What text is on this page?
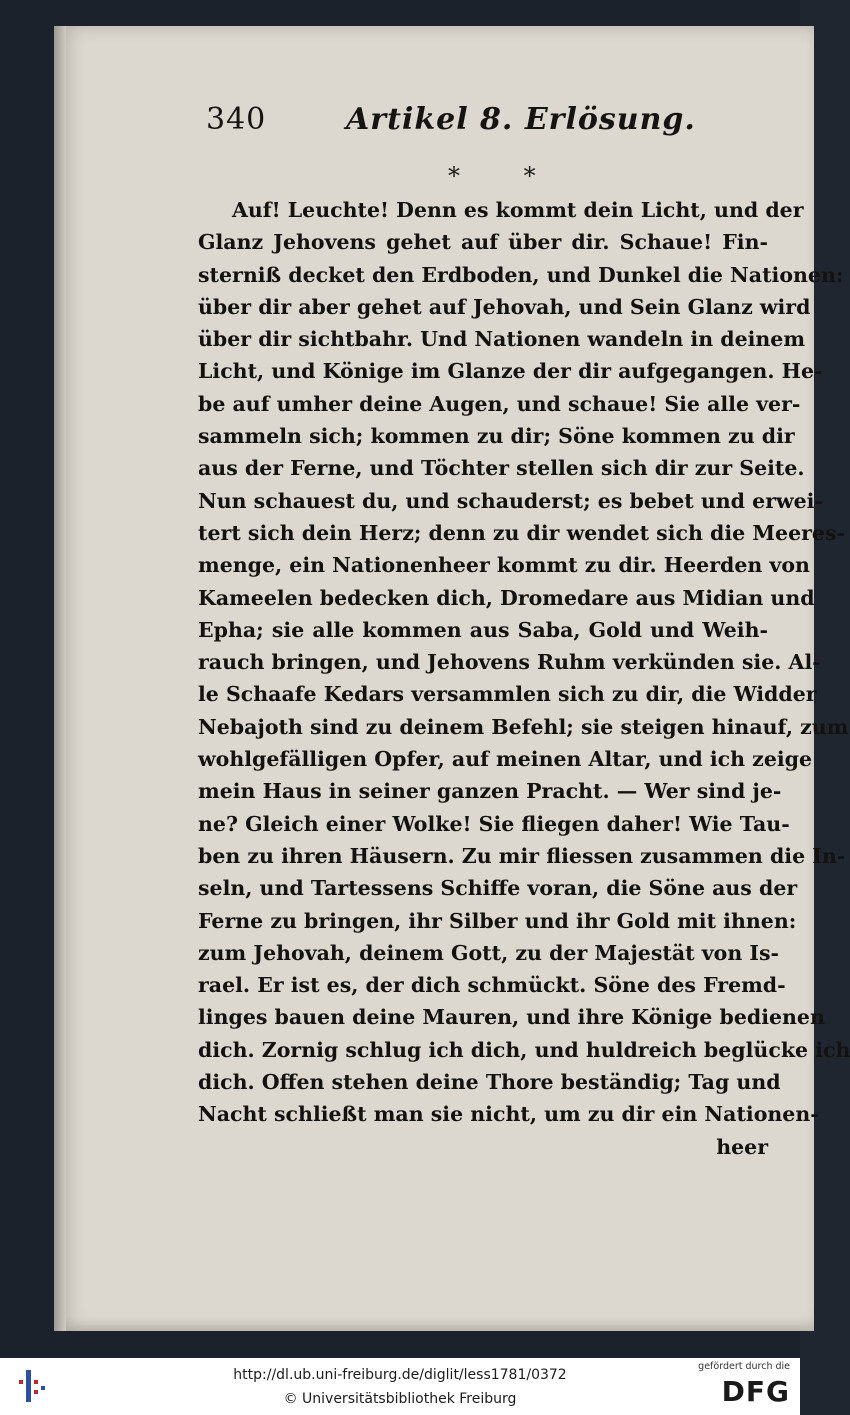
340	Artikel 8. Erlösung.
* *
Auf! Leuchte! Denn es kommt dein Licht, und der
Glanz Jehovens gehet auf über dir. Schaue! Fin-
sterniß decket den Erdboden, und Dunkel die Nationen:
über dir aber gehet auf Jehovah, und Sein Glanz wird
über dir sichtbahr. Und Nationen wandeln in deinem
Licht, und Könige im Glanze der dir aufgegangen. He-
be auf umher deine Augen, und schaue! Sie alle ver-
sammeln sich; kommen zu dir; Söne kommen zu dir
aus der Ferne, und Töchter stellen sich dir zur Seite.
Nun schauest du, und schauderst; es bebet und erwei-
tert sich dein Herz; denn zu dir wendet sich die Meeres-
menge, ein Nationenheer kommt zu dir. Heerden von
Kameelen bedecken dich, Dromedare aus Midian und
Epha; sie alle kommen aus Saba, Gold und Weih-
rauch bringen, und Jehovens Ruhm verkünden sie. Al-
le Schaafe Kedars versammlen sich zu dir, die Widder
Nebajoth sind zu deinem Befehl; sie steigen hinauf, zum
wohlgefälligen Opfer, auf meinen Altar, und ich zeige
mein Haus in seiner ganzen Pracht. — Wer sind je-
ne? Gleich einer Wolke! Sie fliegen daher! Wie Tau-
ben zu ihren Häusern. Zu mir fliessen zusammen die In-
seln, und Tartessens Schiffe voran, die Söne aus der
Ferne zu bringen, ihr Silber und ihr Gold mit ihnen:
zum Jehovah, deinem Gott, zu der Majestät von Is-
rael. Er ist es, der dich schmückt. Söne des Fremd-
linges bauen deine Mauren, und ihre Könige bedienen
dich. Zornig schlug ich dich, und huldreich beglücke ich
dich. Offen stehen deine Thore beständig; Tag und
Nacht schließt man sie nicht, um zu dir ein Nationen-
heer
http://dl.ub.uni-freiburg.de/diglit/less1781/0372
© Universitätsbibliothek Freiburg
gefördert durch die
DFG
